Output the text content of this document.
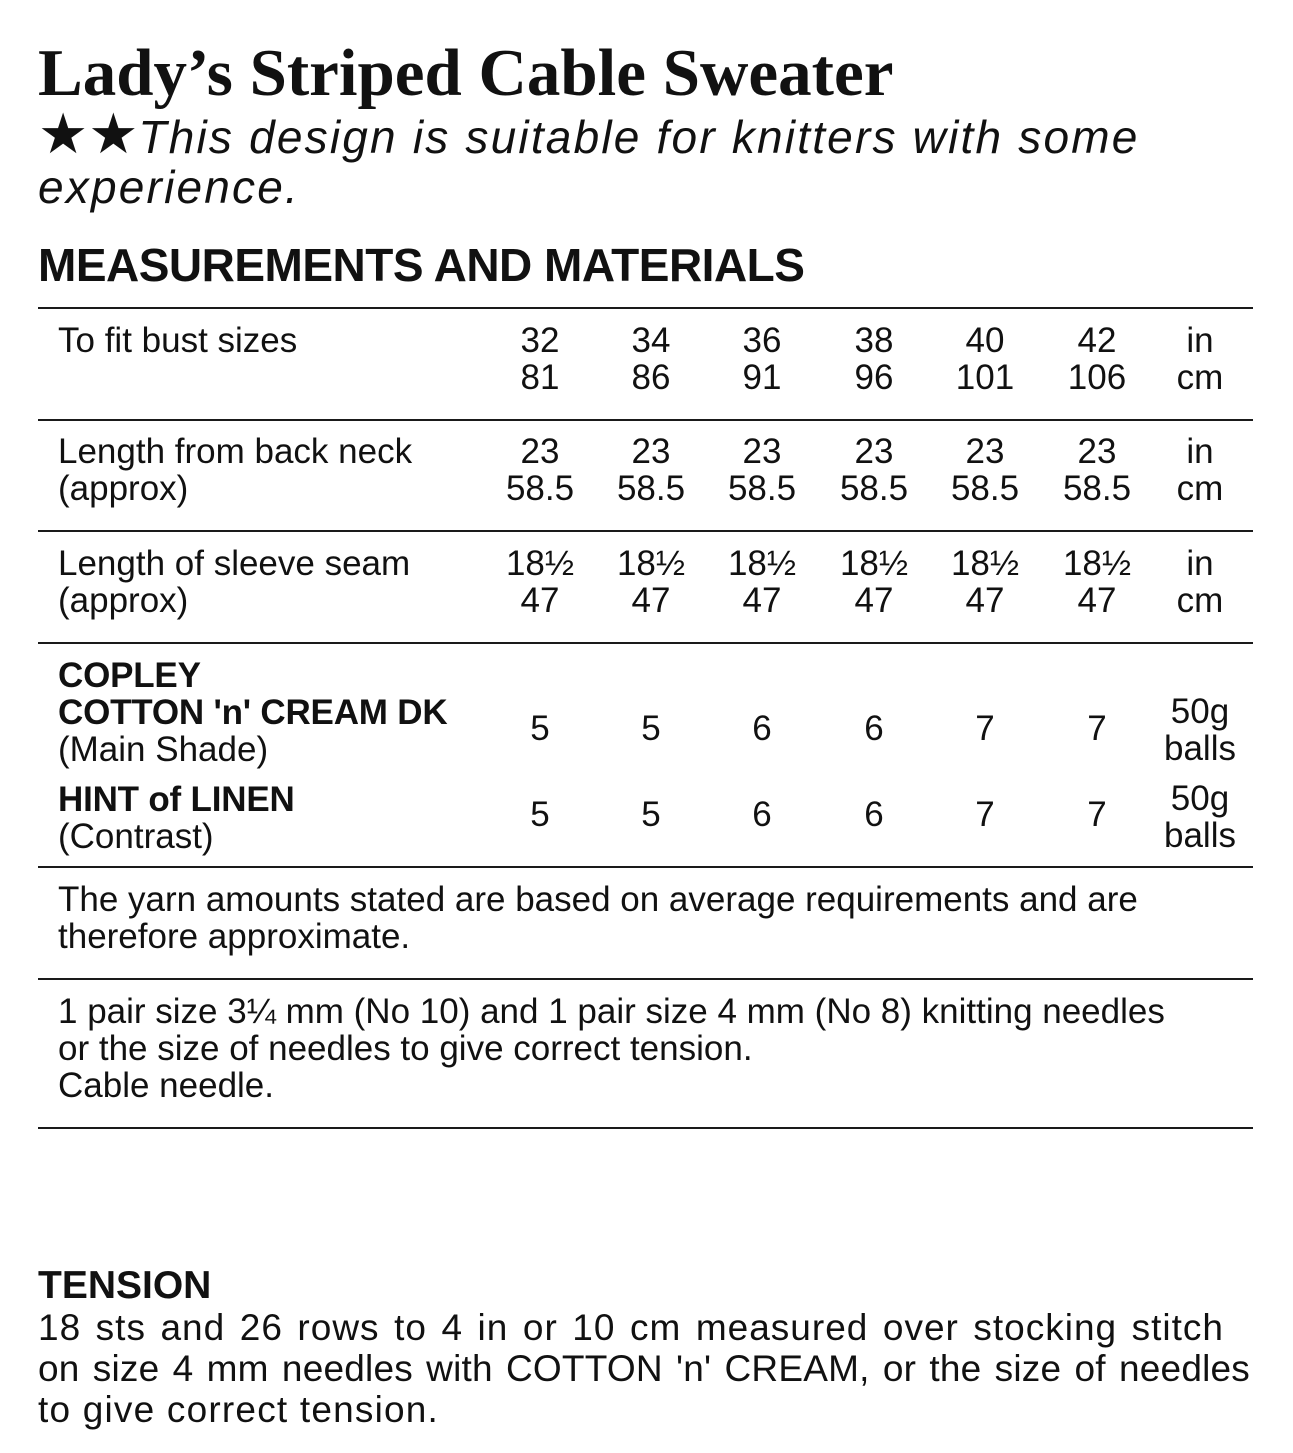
Lady’s Striped Cable Sweater
★★This design is suitable for knitters with some
experience.
MEASUREMENTS AND MATERIALS
To fit bust sizes	32	34	36	38	40	42	in
81	86	91	96	101	106	cm
Length from back neck
(approx)
23	23	23	23	23	23	in
58.5	58.5	58.5	58.5	58.5	58.5	cm
Length of sleeve seam
(approx)
18½	18½	18½	18½	18½	18½	in
47	47	47	47	47	47	cm
COPLEY
COTTON 'n' CREAM DK
(Main Shade)
5	5	6	6	7	7	50g
balls
HINT of LINEN
(Contrast)
5	5	6	6	7	7	50g
balls
The yarn amounts stated are based on average requirements and are
therefore approximate.
1 pair size 3¼ mm (No 10) and 1 pair size 4 mm (No 8) knitting needles
or the size of needles to give correct tension.
Cable needle.
TENSION
18 sts and 26 rows to 4 in or 10 cm measured over stocking stitch
on size 4 mm needles with COTTON 'n' CREAM, or the size of needles
to give correct tension.
